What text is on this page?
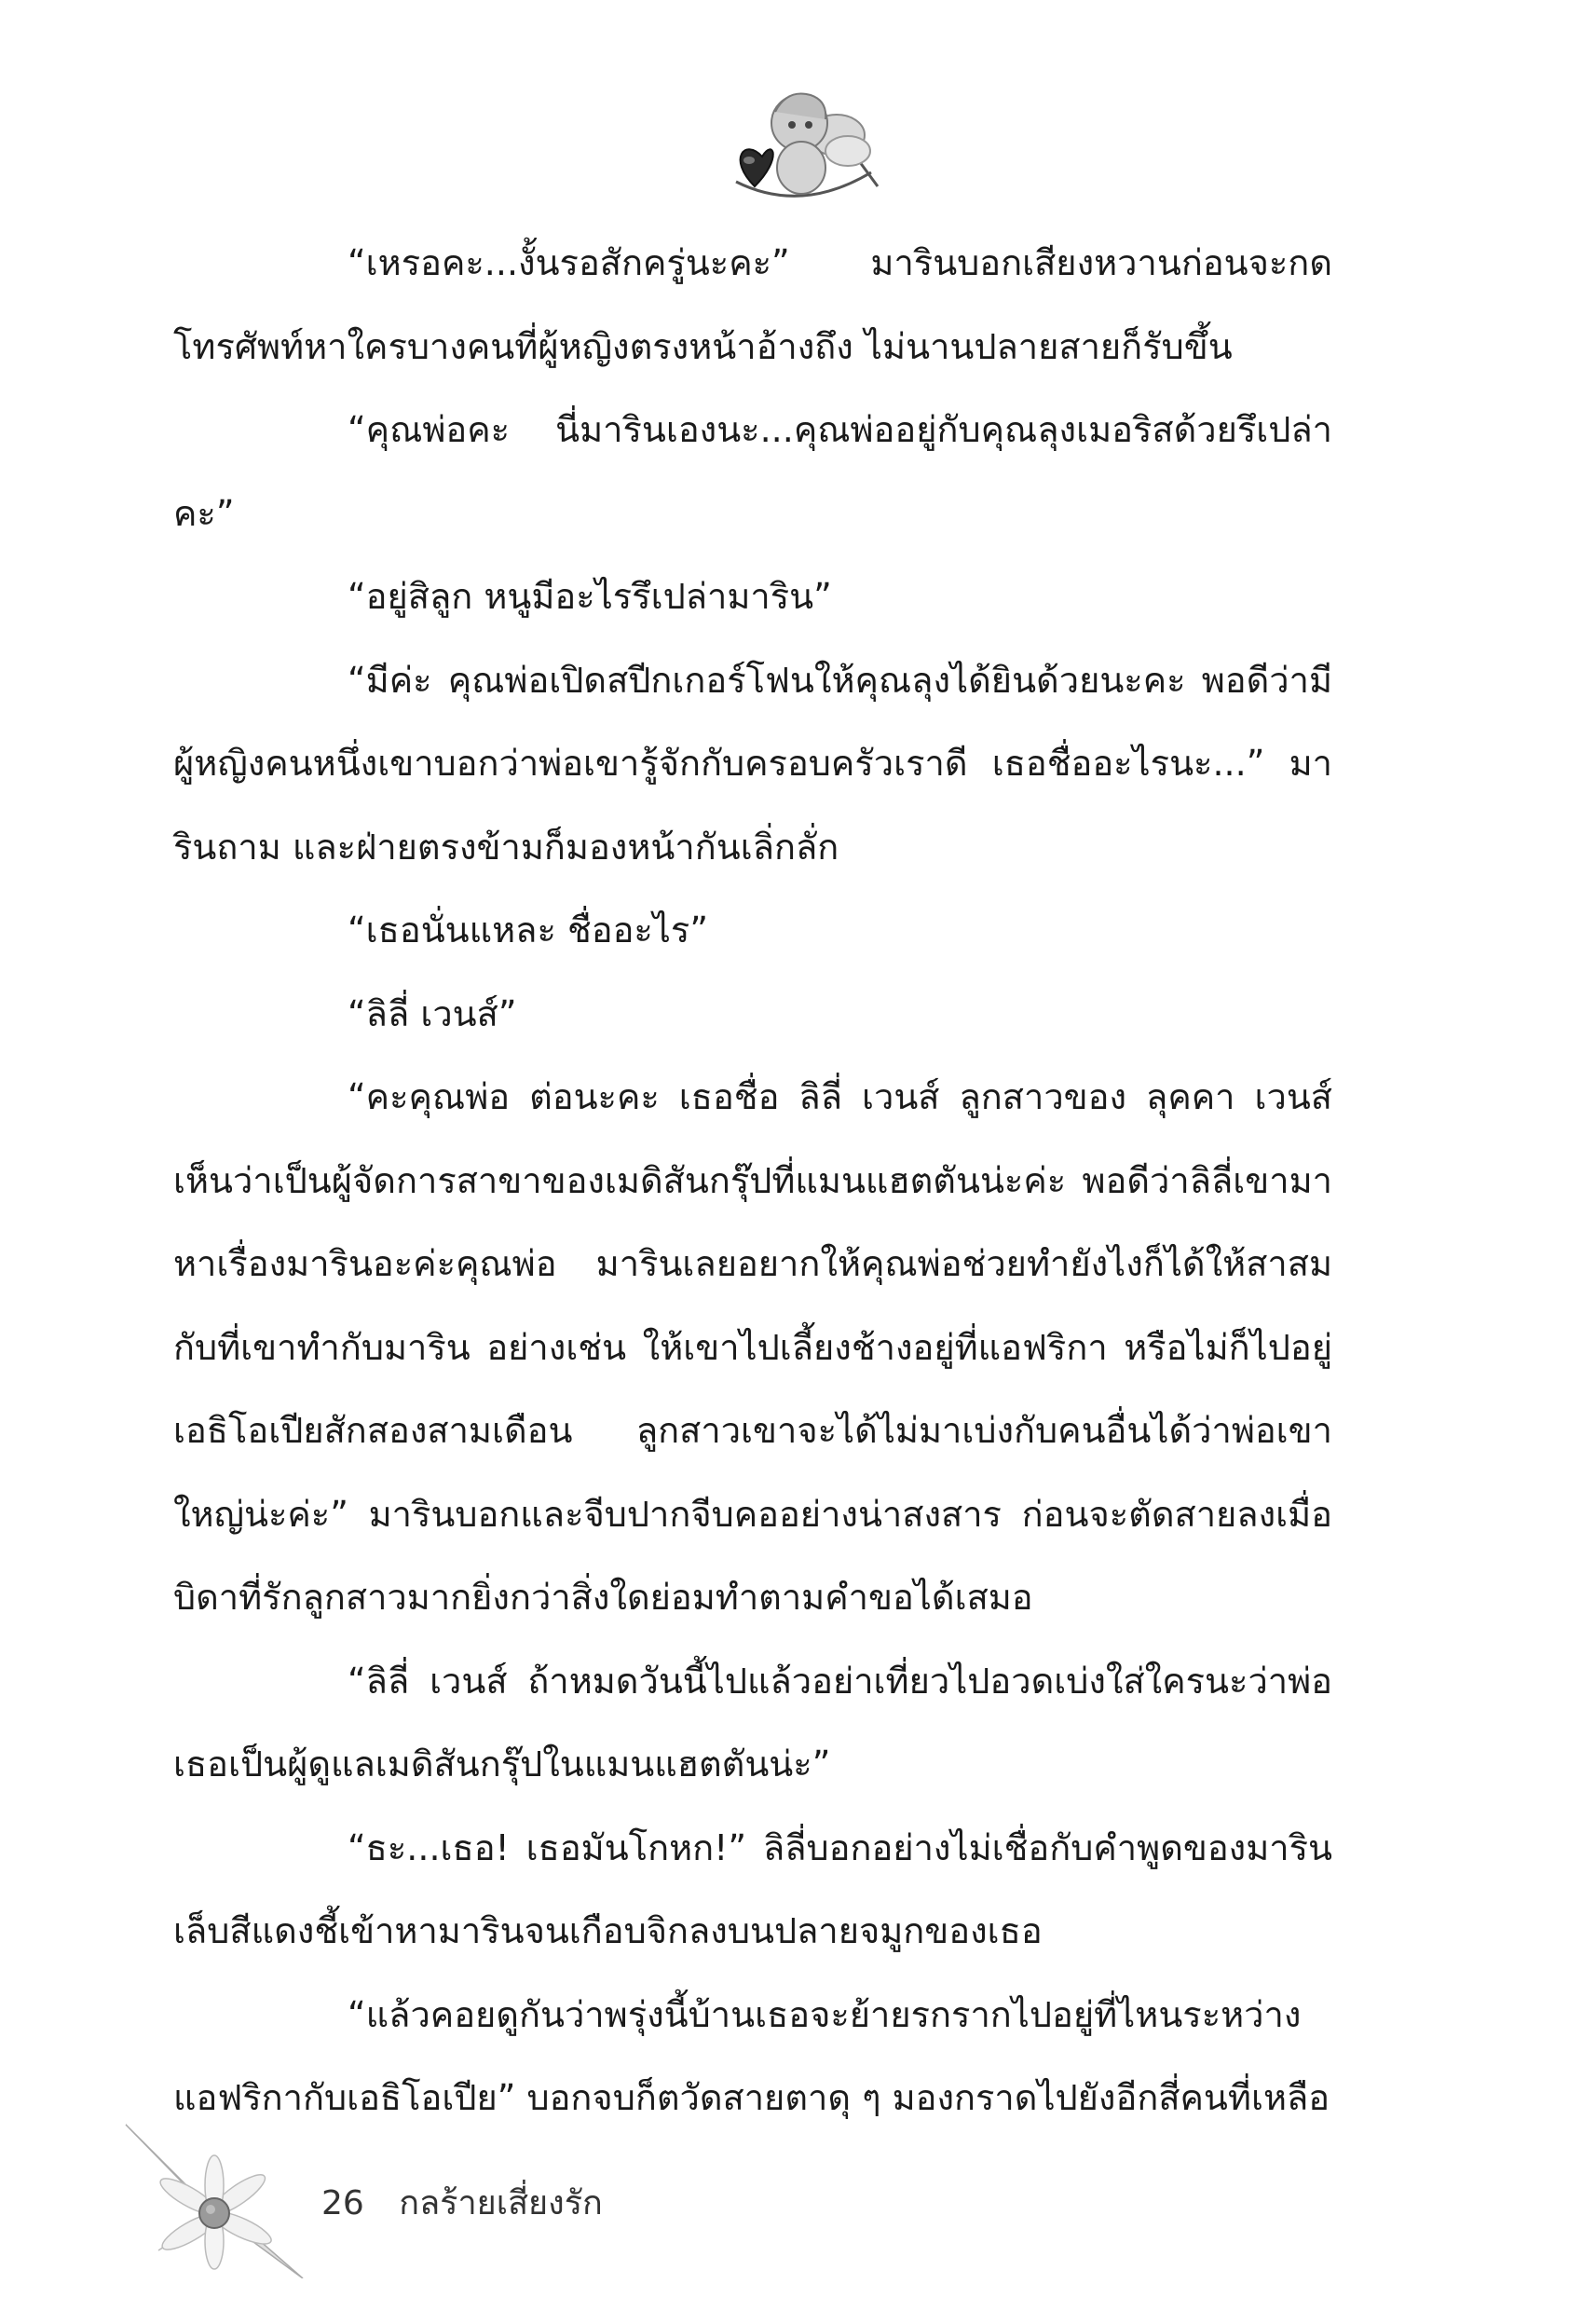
“เหรอคะ...งั้นรอสักครู่นะคะ” มารินบอกเสียงหวานก่อนจะกดโทรศัพท์หาใครบางคนที่ผู้หญิงตรงหน้าอ้างถึง ไม่นานปลายสายก็รับขึ้น

“คุณพ่อคะ นี่มารินเองนะ...คุณพ่ออยู่กับคุณลุงเมอริสด้วยรึเปล่าคะ”

“อยู่สิลูก หนูมีอะไรรึเปล่ามาริน”

“มีค่ะ คุณพ่อเปิดสปีกเกอร์โฟนให้คุณลุงได้ยินด้วยนะคะ พอดีว่ามีผู้หญิงคนหนึ่งเขาบอกว่าพ่อเขารู้จักกับครอบครัวเราดี เธอชื่ออะไรนะ...” มารินถาม และฝ่ายตรงข้ามก็มองหน้ากันเลิ่กลั่ก

“เธอนั่นแหละ ชื่ออะไร”

“ลิลี่ เวนส์”

“คะคุณพ่อ ต่อนะคะ เธอชื่อ ลิลี่ เวนส์ ลูกสาวของ ลุคคา เวนส์ เห็นว่าเป็นผู้จัดการสาขาของเมดิสันกรุ๊ปที่แมนแฮตตันน่ะค่ะ พอดีว่าลิลี่เขามาหาเรื่องมารินอะค่ะคุณพ่อ มารินเลยอยากให้คุณพ่อช่วยทำยังไงก็ได้ให้สาสมกับที่เขาทำกับมาริน อย่างเช่น ให้เขาไปเลี้ยงช้างอยู่ที่แอฟริกา หรือไม่ก็ไปอยู่เอธิโอเปียสักสองสามเดือน ลูกสาวเขาจะได้ไม่มาเบ่งกับคนอื่นได้ว่าพ่อเขาใหญ่น่ะค่ะ” มารินบอกและจีบปากจีบคออย่างน่าสงสาร ก่อนจะตัดสายลงเมื่อบิดาที่รักลูกสาวมากยิ่งกว่าสิ่งใดย่อมทำตามคำขอได้เสมอ

“ลิลี่ เวนส์ ถ้าหมดวันนี้ไปแล้วอย่าเที่ยวไปอวดเบ่งใส่ใครนะว่าพ่อเธอเป็นผู้ดูแลเมดิสันกรุ๊ปในแมนแฮตตันน่ะ”

“ธะ...เธอ! เธอมันโกหก!” ลิลี่บอกอย่างไม่เชื่อกับคำพูดของมาริน เล็บสีแดงชี้เข้าหามารินจนเกือบจิกลงบนปลายจมูกของเธอ

“แล้วคอยดูกันว่าพรุ่งนี้บ้านเธอจะย้ายรกรากไปอยู่ที่ไหนระหว่างแอฟริกากับเอธิโอเปีย” บอกจบก็ตวัดสายตาดุ ๆ มองกราดไปยังอีกสี่คนที่เหลือ

26 กลร้ายเสี่ยงรัก
